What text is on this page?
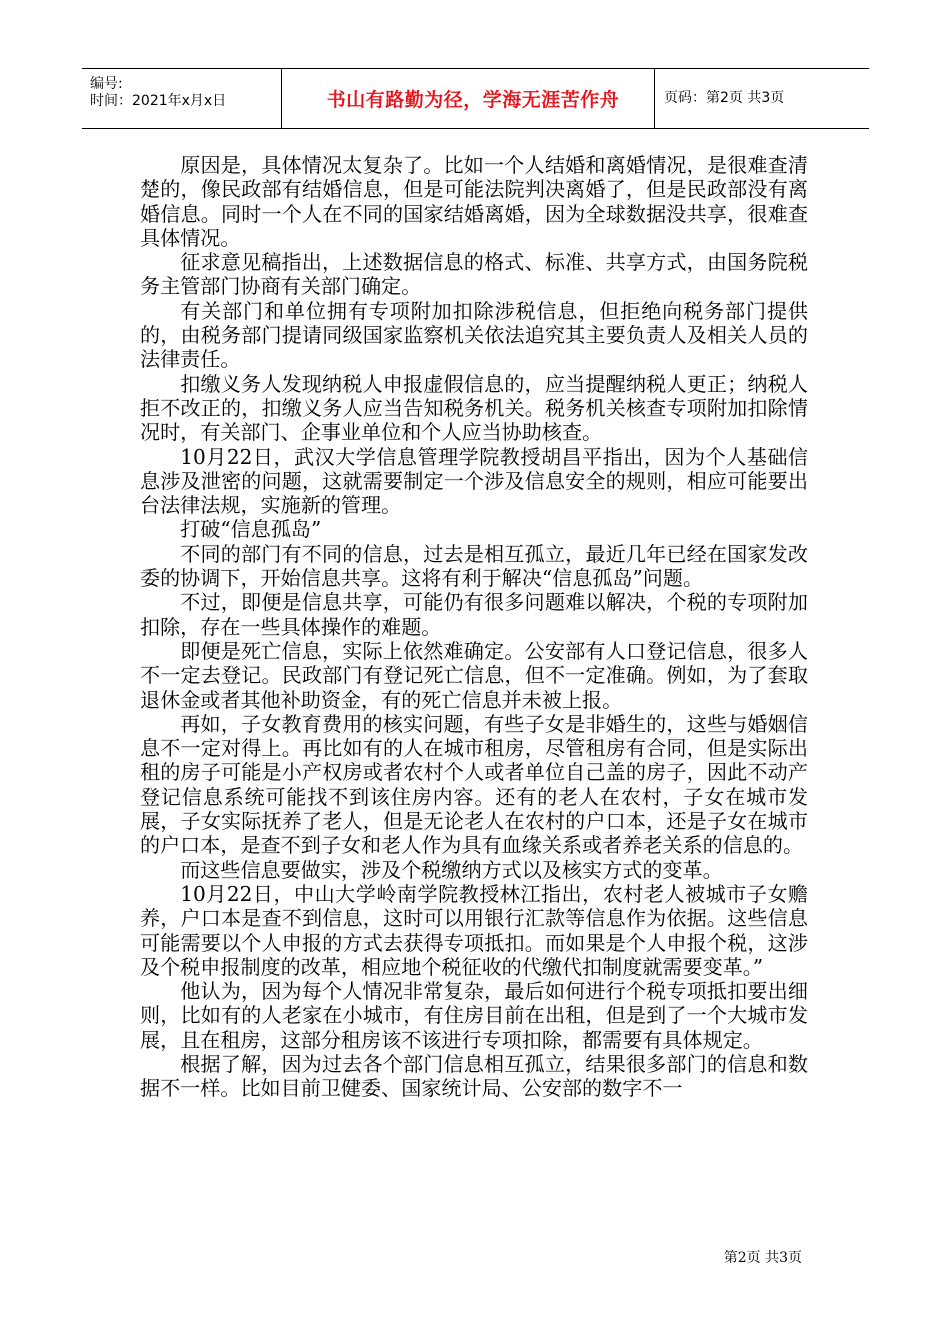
编号:
时间：2021年x月x日	书山有路勤为径，学海无涯苦作舟	页码：第2页 共3页

原因是，具体情况太复杂了。比如一个人结婚和离婚情况，是很难查清楚的，像民政部有结婚信息，但是可能法院判决离婚了，但是民政部没有离婚信息。同时一个人在不同的国家结婚离婚，因为全球数据没共享，很难查具体情况。

征求意见稿指出，上述数据信息的格式、标准、共享方式，由国务院税务主管部门协商有关部门确定。

有关部门和单位拥有专项附加扣除涉税信息，但拒绝向税务部门提供的，由税务部门提请同级国家监察机关依法追究其主要负责人及相关人员的法律责任。

扣缴义务人发现纳税人申报虚假信息的，应当提醒纳税人更正；纳税人拒不改正的，扣缴义务人应当告知税务机关。税务机关核查专项附加扣除情况时，有关部门、企事业单位和个人应当协助核查。

10月22日，武汉大学信息管理学院教授胡昌平指出，因为个人基础信息涉及泄密的问题，这就需要制定一个涉及信息安全的规则，相应可能要出台法律法规，实施新的管理。

打破“信息孤岛”

不同的部门有不同的信息，过去是相互孤立，最近几年已经在国家发改委的协调下，开始信息共享。这将有利于解决“信息孤岛”问题。

不过，即便是信息共享，可能仍有很多问题难以解决，个税的专项附加扣除，存在一些具体操作的难题。

即便是死亡信息，实际上依然难确定。公安部有人口登记信息，很多人不一定去登记。民政部门有登记死亡信息，但不一定准确。例如，为了套取退休金或者其他补助资金，有的死亡信息并未被上报。

再如，子女教育费用的核实问题，有些子女是非婚生的，这些与婚姻信息不一定对得上。再比如有的人在城市租房，尽管租房有合同，但是实际出租的房子可能是小产权房或者农村个人或者单位自己盖的房子，因此不动产登记信息系统可能找不到该住房内容。还有的老人在农村，子女在城市发展，子女实际抚养了老人，但是无论老人在农村的户口本，还是子女在城市的户口本，是查不到子女和老人作为具有血缘关系或者养老关系的信息的。

而这些信息要做实，涉及个税缴纳方式以及核实方式的变革。

10月22日，中山大学岭南学院教授林江指出，农村老人被城市子女赡养，户口本是查不到信息，这时可以用银行汇款等信息作为依据。这些信息可能需要以个人申报的方式去获得专项抵扣。而如果是个人申报个税，这涉及个税申报制度的改革，相应地个税征收的代缴代扣制度就需要变革。”

他认为，因为每个人情况非常复杂，最后如何进行个税专项抵扣要出细则，比如有的人老家在小城市，有住房目前在出租，但是到了一个大城市发展，且在租房，这部分租房该不该进行专项扣除，都需要有具体规定。

根据了解，因为过去各个部门信息相互孤立，结果很多部门的信息和数据不一样。比如目前卫健委、国家统计局、公安部的数字不一

第2页 共3页
